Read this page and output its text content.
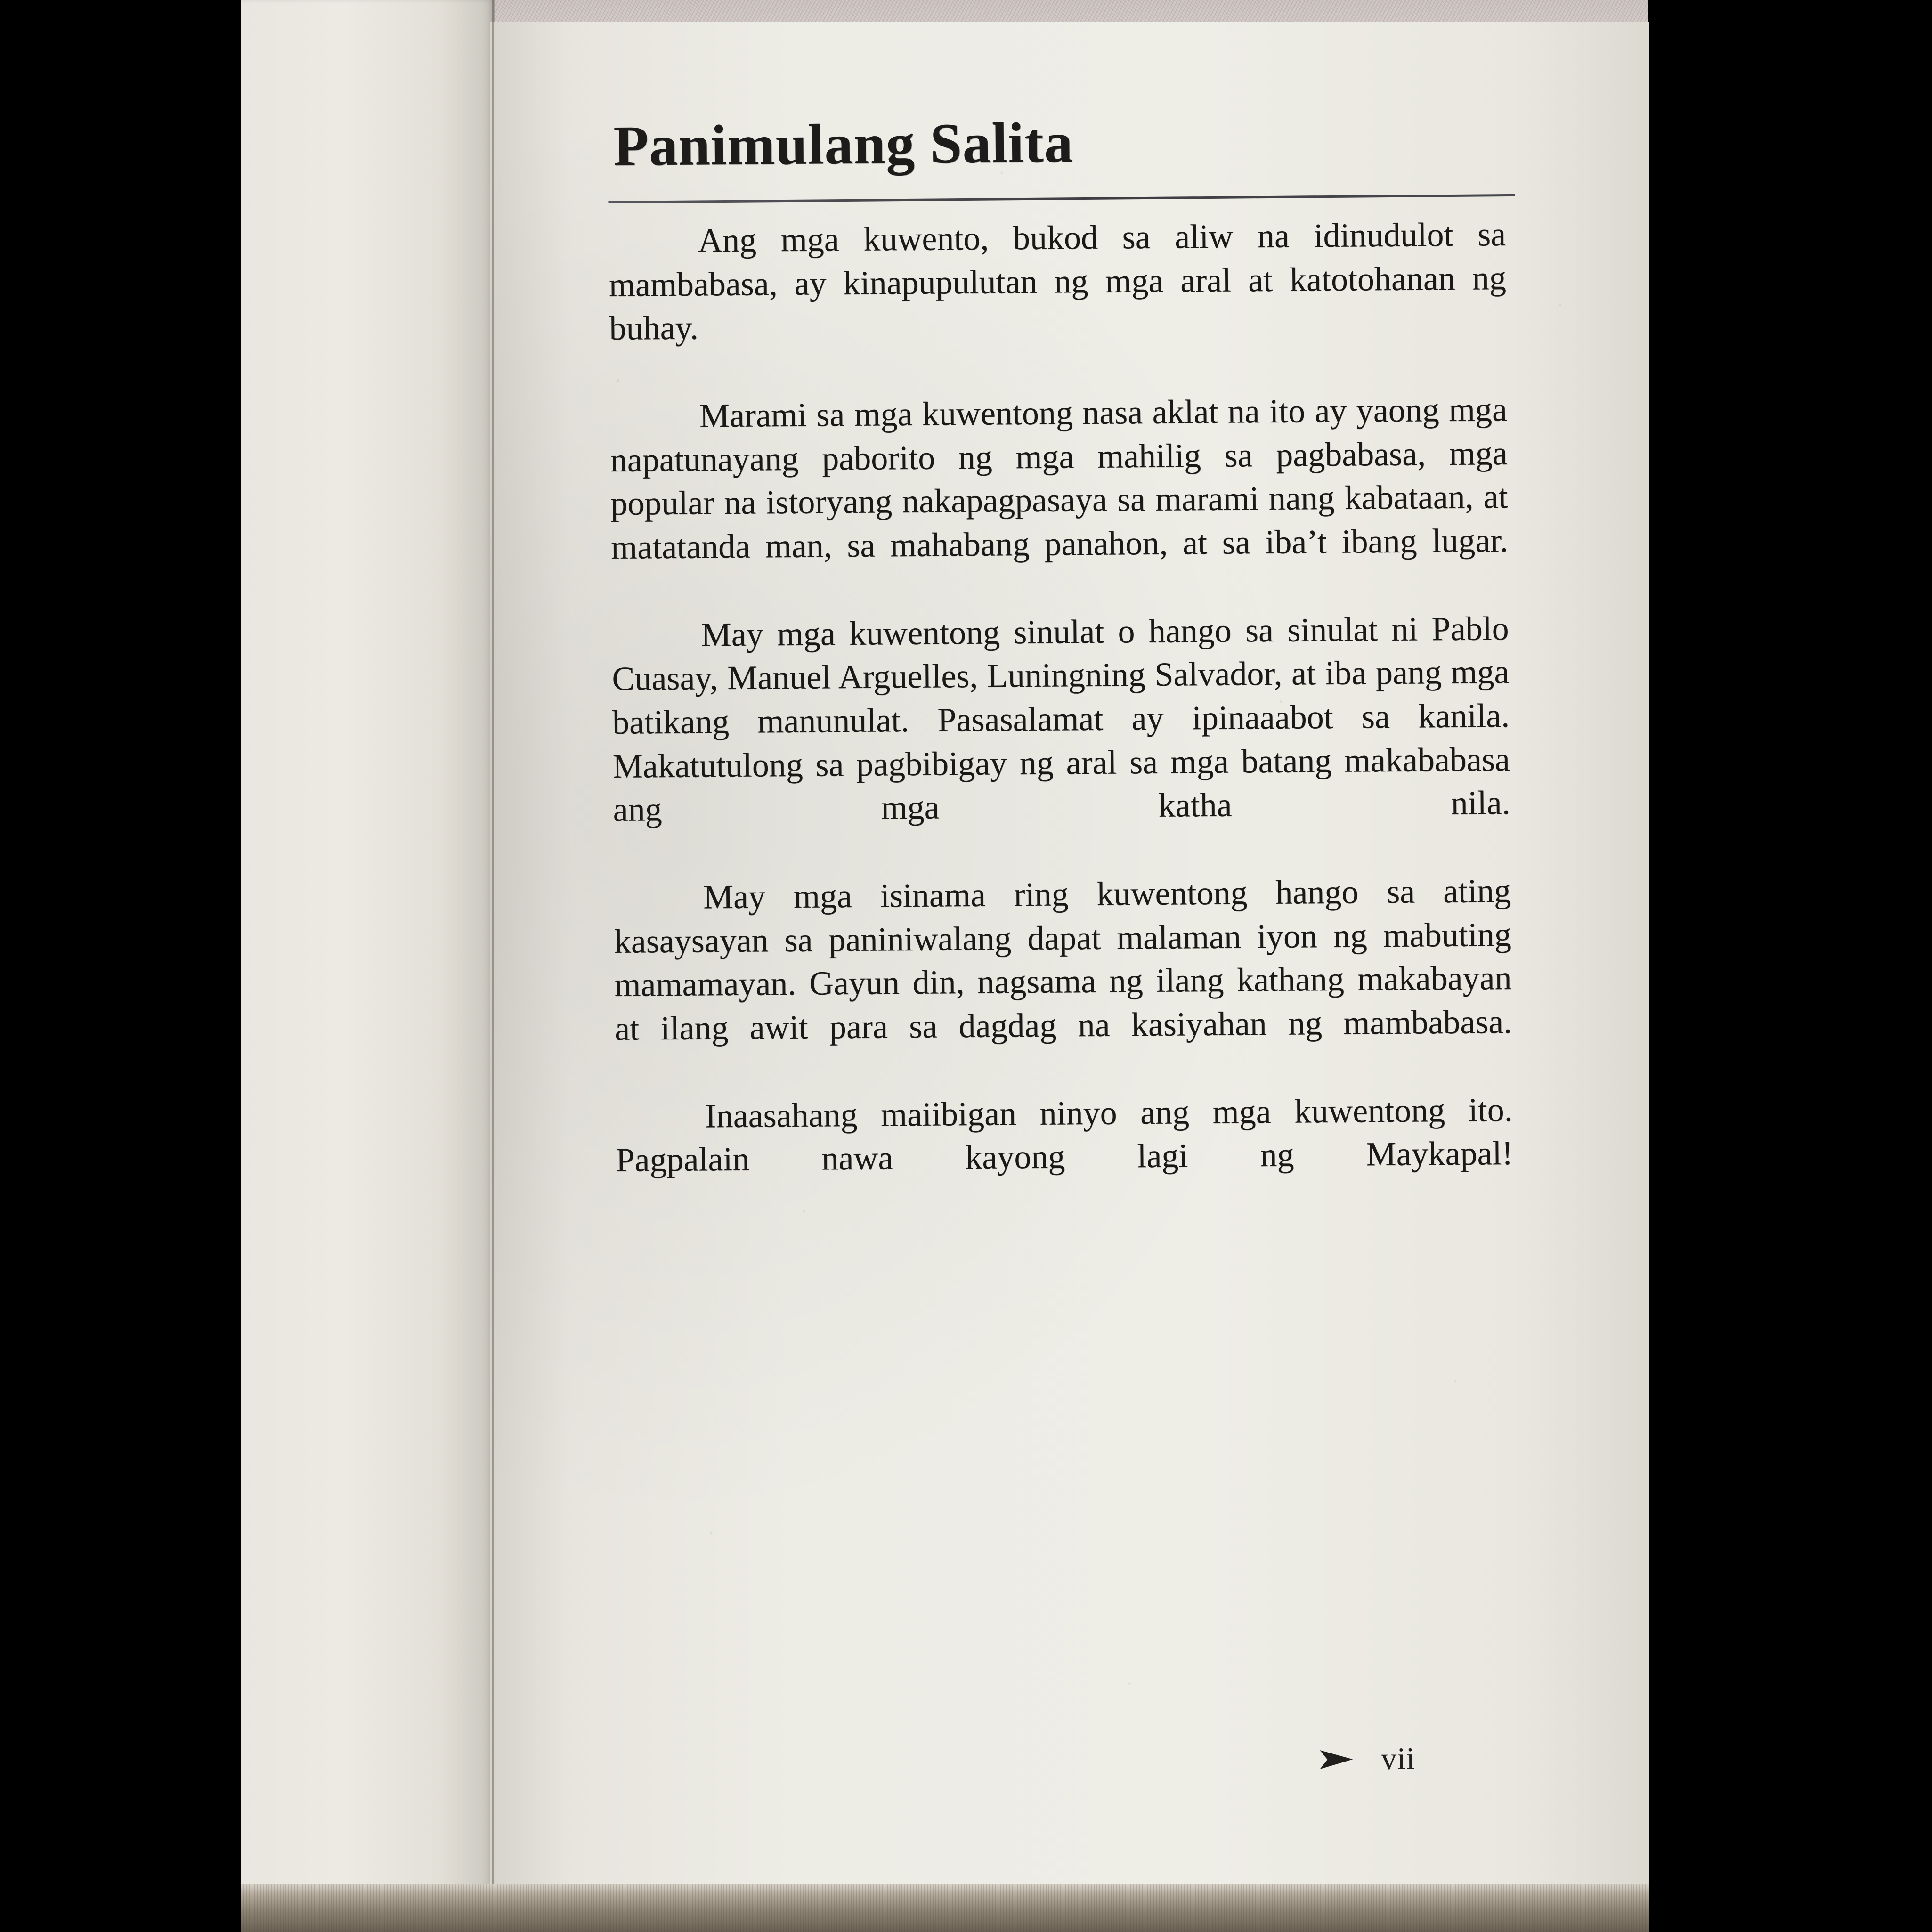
Panimulang Salita

Ang mga kuwento, bukod sa aliw na idinudulot sa mambabasa, ay kinapupulutan ng mga aral at katotohanan ng buhay.

Marami sa mga kuwentong nasa aklat na ito ay yaong mga napatunayang paborito ng mga mahilig sa pagbabasa, mga popular na istoryang nakapagpasaya sa marami nang kabataan, at matatanda man, sa mahabang panahon, at sa iba’t ibang lugar.

May mga kuwentong sinulat o hango sa sinulat ni Pablo Cuasay, Manuel Arguelles, Luningning Salvador, at iba pang mga batikang manunulat. Pasasalamat ay ipinaaabot sa kanila. Makatutulong sa pagbibigay ng aral sa mga batang makababasa ang mga katha nila.

May mga isinama ring kuwentong hango sa ating kasaysayan sa paniniwalang dapat malaman iyon ng mabuting mamamayan. Gayun din, nagsama ng ilang kathang makabayan at ilang awit para sa dagdag na kasiyahan ng mambabasa.

Inaasahang maiibigan ninyo ang mga kuwentong ito. Pagpalain nawa kayong lagi ng Maykapal!

vii
